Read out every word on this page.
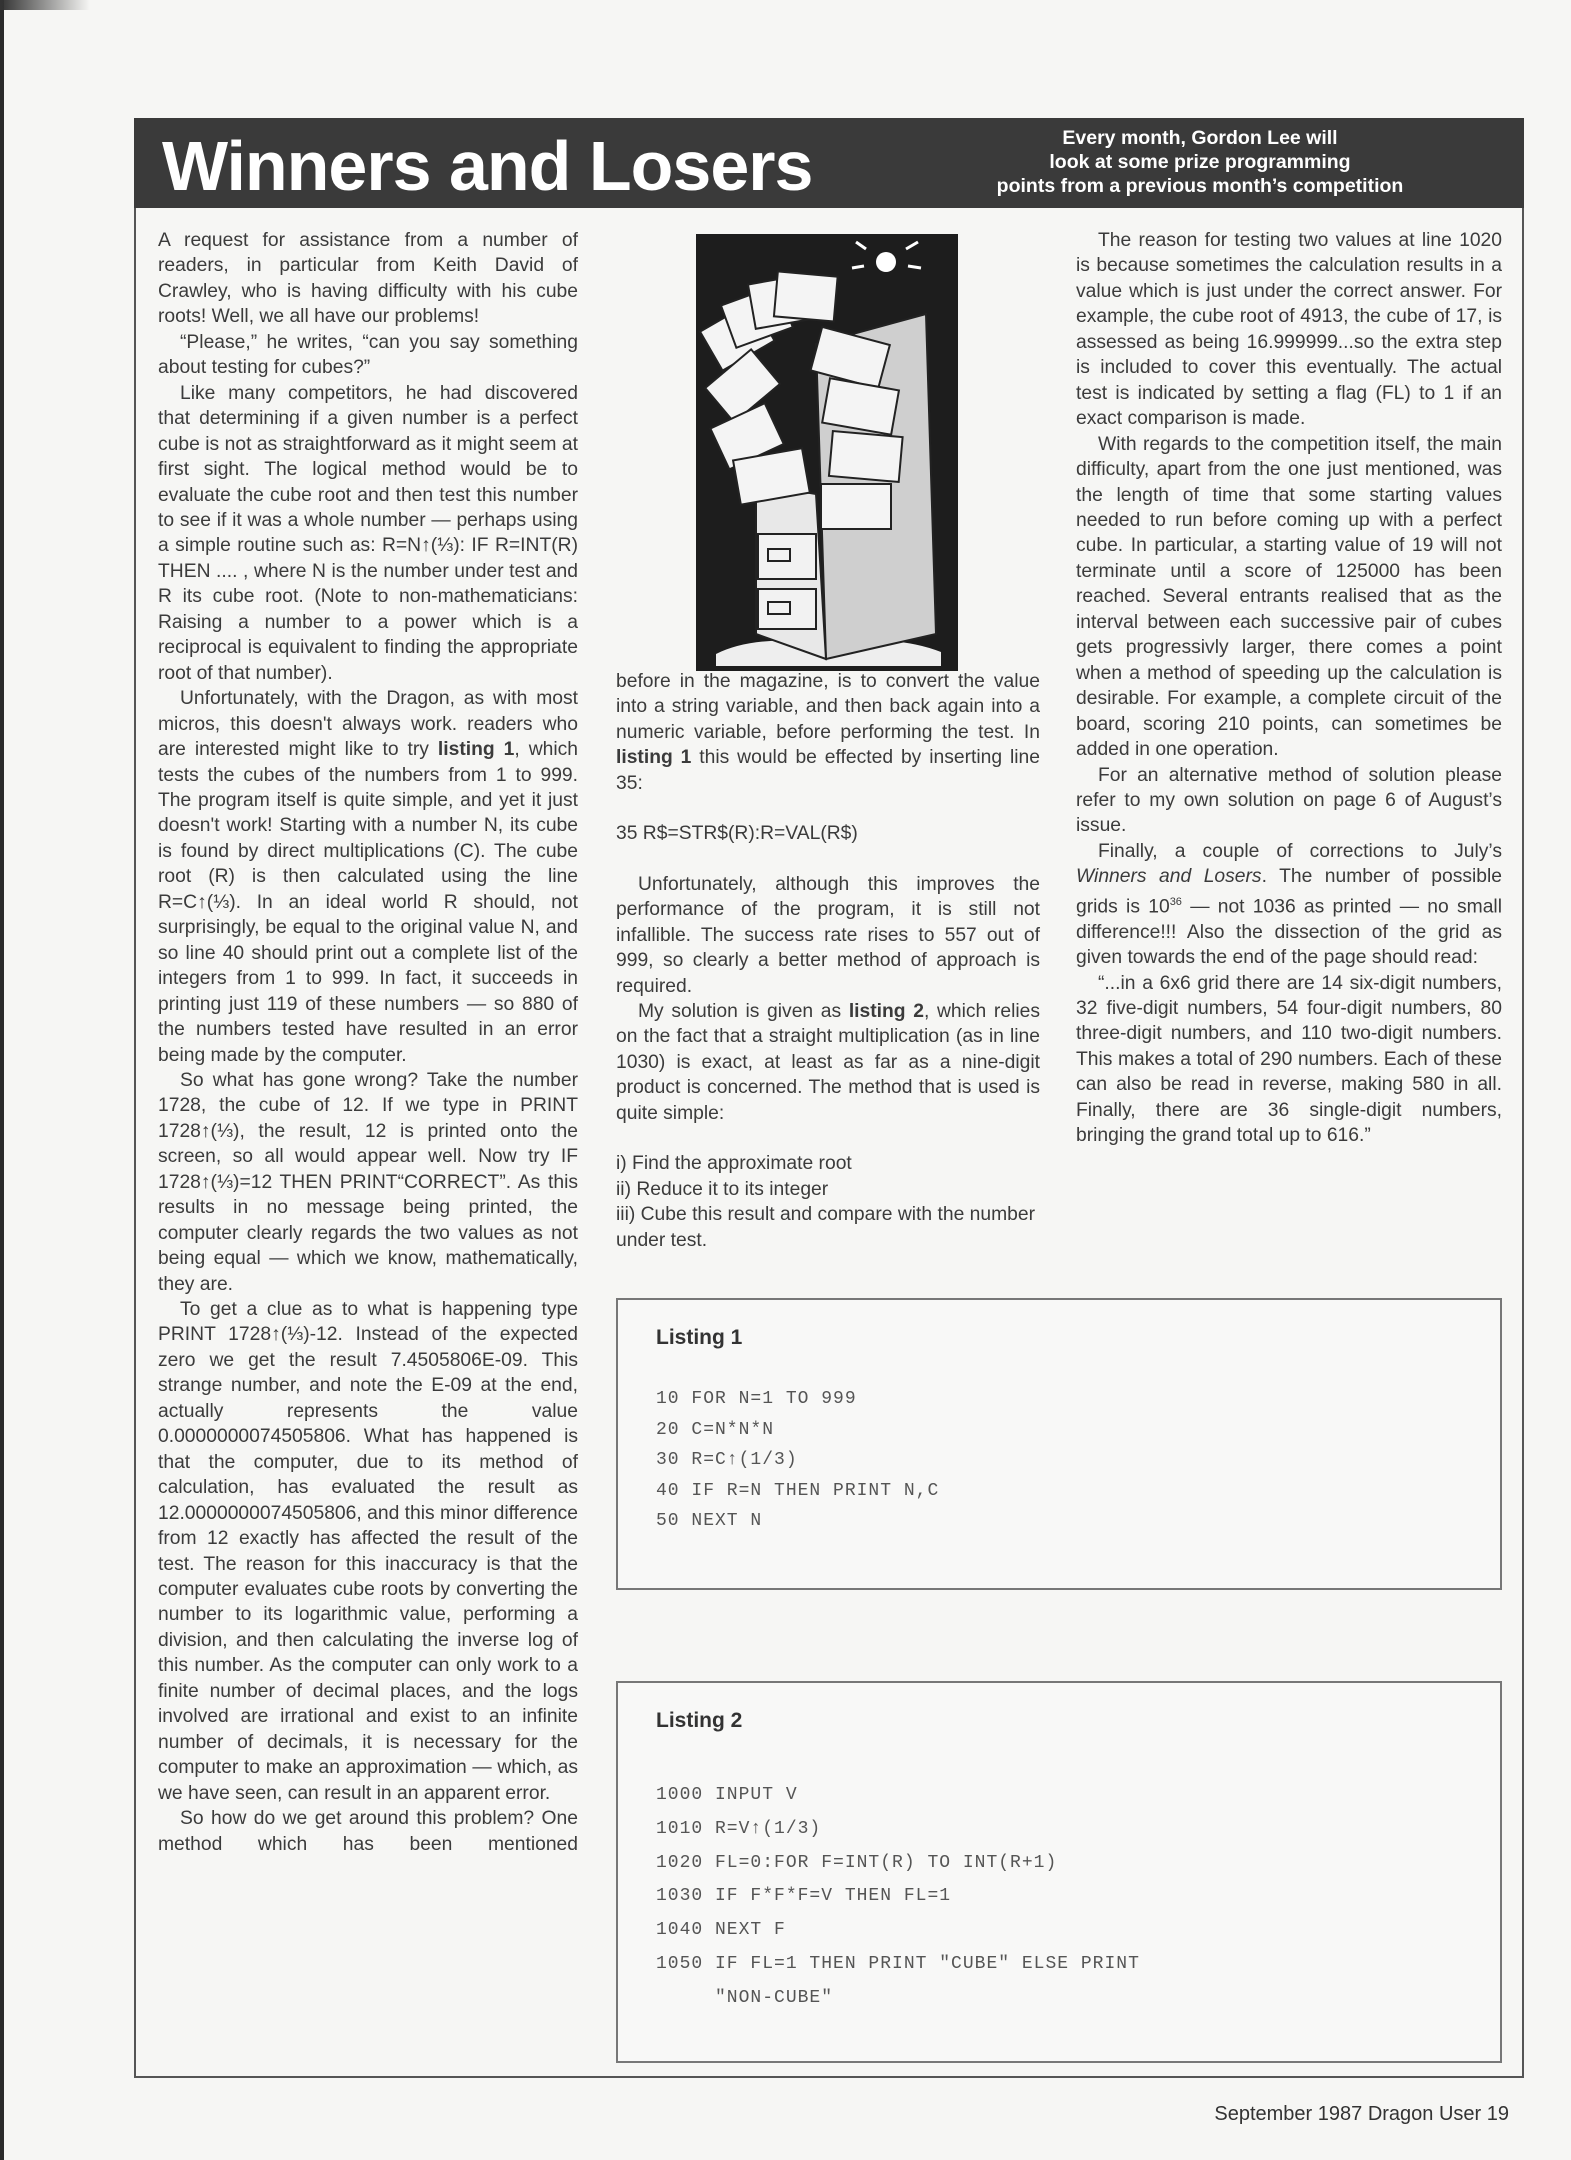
Winners and Losers	Every month, Gordon Lee will
look at some prize programming
points from a previous month’s competition

A request for assistance from a number of readers, in particular from Keith David of Crawley, who is having difficulty with his cube roots! Well, we all have our problems!

“Please,” he writes, “can you say something about testing for cubes?”

Like many competitors, he had discovered that determining if a given number is a perfect cube is not as straightforward as it might seem at first sight. The logical method would be to evaluate the cube root and then test this number to see if it was a whole number — perhaps using a simple routine such as: R=N↑(⅓): IF R=INT(R) THEN .... , where N is the number under test and R its cube root. (Note to non-mathematicians: Raising a number to a power which is a reciprocal is equivalent to finding the appropriate root of that number).

Unfortunately, with the Dragon, as with most micros, this doesn't always work. readers who are interested might like to try listing 1, which tests the cubes of the numbers from 1 to 999. The program itself is quite simple, and yet it just doesn't work! Starting with a number N, its cube is found by direct multiplications (C). The cube root (R) is then calculated using the line R=C↑(⅓). In an ideal world R should, not surprisingly, be equal to the original value N, and so line 40 should print out a complete list of the integers from 1 to 999. In fact, it succeeds in printing just 119 of these numbers — so 880 of the numbers tested have resulted in an error being made by the computer.

So what has gone wrong? Take the number 1728, the cube of 12. If we type in PRINT 1728↑(⅓), the result, 12 is printed onto the screen, so all would appear well. Now try IF 1728↑(⅓)=12 THEN PRINT“CORRECT”. As this results in no message being printed, the computer clearly regards the two values as not being equal — which we know, mathematically, they are.

To get a clue as to what is happening type PRINT 1728↑(⅓)-12. Instead of the expected zero we get the result 7.4505806E-09. This strange number, and note the E-09 at the end, actually represents the value 0.0000000074505806. What has happened is that the computer, due to its method of calculation, has evaluated the result as 12.0000000074505806, and this minor difference from 12 exactly has affected the result of the test. The reason for this inaccuracy is that the computer evaluates cube roots by converting the number to its logarithmic value, performing a division, and then calculating the inverse log of this number. As the computer can only work to a finite number of decimal places, and the logs involved are irrational and exist to an infinite number of decimals, it is necessary for the computer to make an approximation — which, as we have seen, can result in an apparent error.

So how do we get around this problem? One method which has been mentioned

before in the magazine, is to convert the value into a string variable, and then back again into a numeric variable, before performing the test. In listing 1 this would be effected by inserting line 35:

35 R$=STR$(R):R=VAL(R$)

Unfortunately, although this improves the performance of the program, it is still not infallible. The success rate rises to 557 out of 999, so clearly a better method of approach is required.

My solution is given as listing 2, which relies on the fact that a straight multiplication (as in line 1030) is exact, at least as far as a nine-digit product is concerned. The method that is used is quite simple:

i) Find the approximate root

ii) Reduce it to its integer

iii) Cube this result and compare with the number under test.

The reason for testing two values at line 1020 is because sometimes the calculation results in a value which is just under the correct answer. For example, the cube root of 4913, the cube of 17, is assessed as being 16.999999...so the extra step is included to cover this eventually. The actual test is indicated by setting a flag (FL) to 1 if an exact comparison is made.

With regards to the competition itself, the main difficulty, apart from the one just mentioned, was the length of time that some starting values needed to run before coming up with a perfect cube. In particular, a starting value of 19 will not terminate until a score of 125000 has been reached. Several entrants realised that as the interval between each successive pair of cubes gets progressivly larger, there comes a point when a method of speeding up the calculation is desirable. For example, a complete circuit of the board, scoring 210 points, can sometimes be added in one operation.

For an alternative method of solution please refer to my own solution on page 6 of August’s issue.

Finally, a couple of corrections to July’s Winners and Losers. The number of possible grids is $10^{36}$ — not 1036 as printed — no small difference!!! Also the dissection of the grid as given towards the end of the page should read:

“...in a 6x6 grid there are 14 six-digit numbers, 32 five-digit numbers, 54 four-digit numbers, 80 three-digit numbers, and 110 two-digit numbers. This makes a total of 290 numbers. Each of these can also be read in reverse, making 580 in all. Finally, there are 36 single-digit numbers, bringing the grand total up to 616.”

Listing 1
10 FOR N=1 TO 999
20 C=N*N*N
30 R=C↑(1/3)
40 IF R=N THEN PRINT N,C
50 NEXT N
Listing 2
1000 INPUT V
1010 R=V↑(1/3)
1020 FL=0:FOR F=INT(R) TO INT(R+1)
1030 IF F*F*F=V THEN FL=1
1040 NEXT F
1050 IF FL=1 THEN PRINT "CUBE" ELSE PRINT
"NON-CUBE"
September 1987 Dragon User 19
